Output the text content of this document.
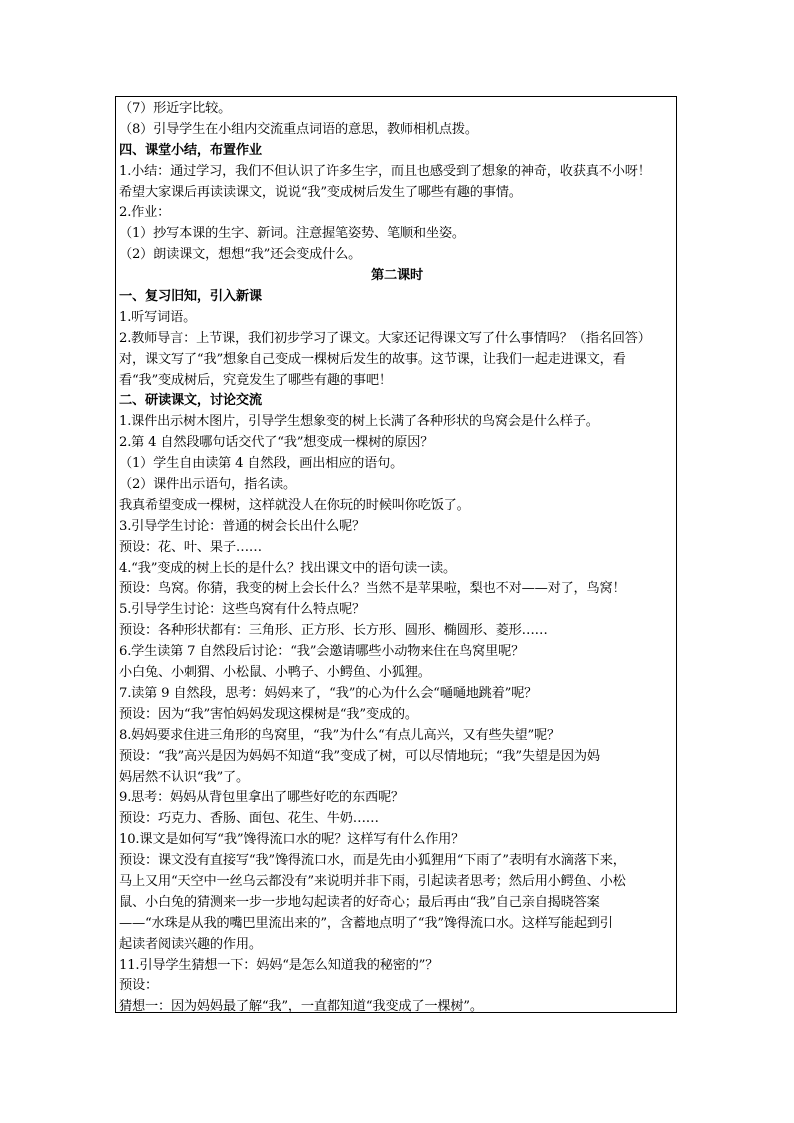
（7）形近字比较。
（8）引导学生在小组内交流重点词语的意思，教师相机点拨。
四、课堂小结，布置作业
1.小结：通过学习，我们不但认识了许多生字，而且也感受到了想象的神奇，收获真不小呀！
希望大家课后再读读课文，说说“我”变成树后发生了哪些有趣的事情。
2.作业：
（1）抄写本课的生字、新词。注意握笔姿势、笔顺和坐姿。
（2）朗读课文，想想“我”还会变成什么。
第二课时
一、复习旧知，引入新课
1.听写词语。
2.教师导言：上节课，我们初步学习了课文。大家还记得课文写了什么事情吗？（指名回答）
对，课文写了“我”想象自己变成一棵树后发生的故事。这节课，让我们一起走进课文，看
看“我”变成树后，究竟发生了哪些有趣的事吧！
二、研读课文，讨论交流
1.课件出示树木图片，引导学生想象变的树上长满了各种形状的鸟窝会是什么样子。
2.第 4 自然段哪句话交代了“我”想变成一棵树的原因？
（1）学生自由读第 4 自然段，画出相应的语句。
（2）课件出示语句，指名读。
我真希望变成一棵树，这样就没人在你玩的时候叫你吃饭了。
3.引导学生讨论：普通的树会长出什么呢？
预设：花、叶、果子……
4.“我”变成的树上长的是什么？找出课文中的语句读一读。
预设：鸟窝。你猜，我变的树上会长什么？当然不是苹果啦，梨也不对——对了，鸟窝！
5.引导学生讨论：这些鸟窝有什么特点呢？
预设：各种形状都有：三角形、正方形、长方形、圆形、椭圆形、菱形……
6.学生读第 7 自然段后讨论：“我”会邀请哪些小动物来住在鸟窝里呢？
小白兔、小刺猬、小松鼠、小鸭子、小鳄鱼、小狐狸。
7.读第 9 自然段，思考：妈妈来了，“我”的心为什么会“嗵嗵地跳着”呢？
预设：因为“我”害怕妈妈发现这棵树是“我”变成的。
8.妈妈要求住进三角形的鸟窝里，“我”为什么“有点儿高兴，又有些失望”呢？
预设：“我”高兴是因为妈妈不知道“我”变成了树，可以尽情地玩；“我”失望是因为妈
妈居然不认识“我”了。
9.思考：妈妈从背包里拿出了哪些好吃的东西呢？
预设：巧克力、香肠、面包、花生、牛奶……
10.课文是如何写“我”馋得流口水的呢？这样写有什么作用？
预设：课文没有直接写“我”馋得流口水，而是先由小狐狸用“下雨了”表明有水滴落下来，
马上又用“天空中一丝乌云都没有”来说明并非下雨，引起读者思考；然后用小鳄鱼、小松
鼠、小白兔的猜测来一步一步地勾起读者的好奇心；最后再由“我”自己亲自揭晓答案
——“水珠是从我的嘴巴里流出来的”，含蓄地点明了“我”馋得流口水。这样写能起到引
起读者阅读兴趣的作用。
11.引导学生猜想一下：妈妈“是怎么知道我的秘密的”？
预设：
猜想一：因为妈妈最了解“我”，一直都知道“我变成了一棵树”。
